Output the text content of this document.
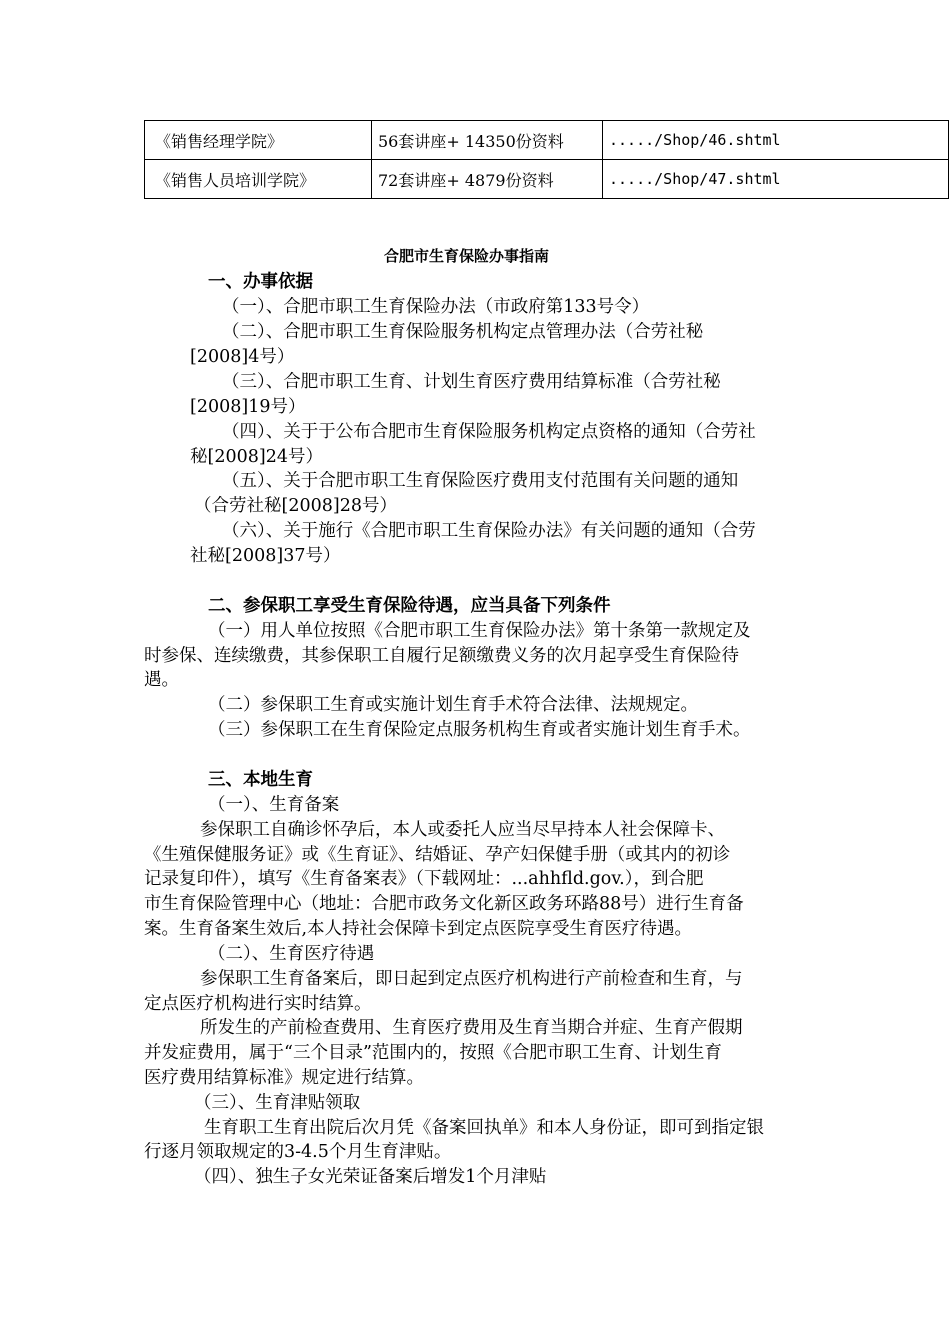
《销售经理学院》	56套讲座+ 14350份资料	...../Shop/46.shtml
《销售人员培训学院》	72套讲座+ 4879份资料	...../Shop/47.shtml
合肥市生育保险办事指南
一、办事依据
（一）、合肥市职工生育保险办法（市政府第133号令）
（二）、合肥市职工生育保险服务机构定点管理办法（合劳社秘
[2008]4号）
（三）、合肥市职工生育、计划生育医疗费用结算标准（合劳社秘
[2008]19号）
（四）、关于于公布合肥市生育保险服务机构定点资格的通知（合劳社
秘[2008]24号）
（五）、关于合肥市职工生育保险医疗费用支付范围有关问题的通知
（合劳社秘[2008]28号）
（六）、关于施行《合肥市职工生育保险办法》有关问题的通知（合劳
社秘[2008]37号）
二、参保职工享受生育保险待遇，应当具备下列条件
（一）用人单位按照《合肥市职工生育保险办法》第十条第一款规定及
时参保、连续缴费，其参保职工自履行足额缴费义务的次月起享受生育保险待
遇。
（二）参保职工生育或实施计划生育手术符合法律、法规规定。
（三）参保职工在生育保险定点服务机构生育或者实施计划生育手术。
三、本地生育
（一）、生育备案
参保职工自确诊怀孕后，本人或委托人应当尽早持本人社会保障卡、
《生殖保健服务证》或《生育证》、结婚证、孕产妇保健手册（或其内的初诊
记录复印件），填写《生育备案表》（下载网址：...ahhfld.gov.），到合肥
市生育保险管理中心（地址：合肥市政务文化新区政务环路88号）进行生育备
案。生育备案生效后,本人持社会保障卡到定点医院享受生育医疗待遇。
（二）、生育医疗待遇
参保职工生育备案后，即日起到定点医疗机构进行产前检查和生育，与
定点医疗机构进行实时结算。
所发生的产前检查费用、生育医疗费用及生育当期合并症、生育产假期
并发症费用，属于“三个目录”范围内的，按照《合肥市职工生育、计划生育
医疗费用结算标准》规定进行结算。
（三）、生育津贴领取
生育职工生育出院后次月凭《备案回执单》和本人身份证，即可到指定银
行逐月领取规定的3-4.5个月生育津贴。
（四）、独生子女光荣证备案后增发1个月津贴
